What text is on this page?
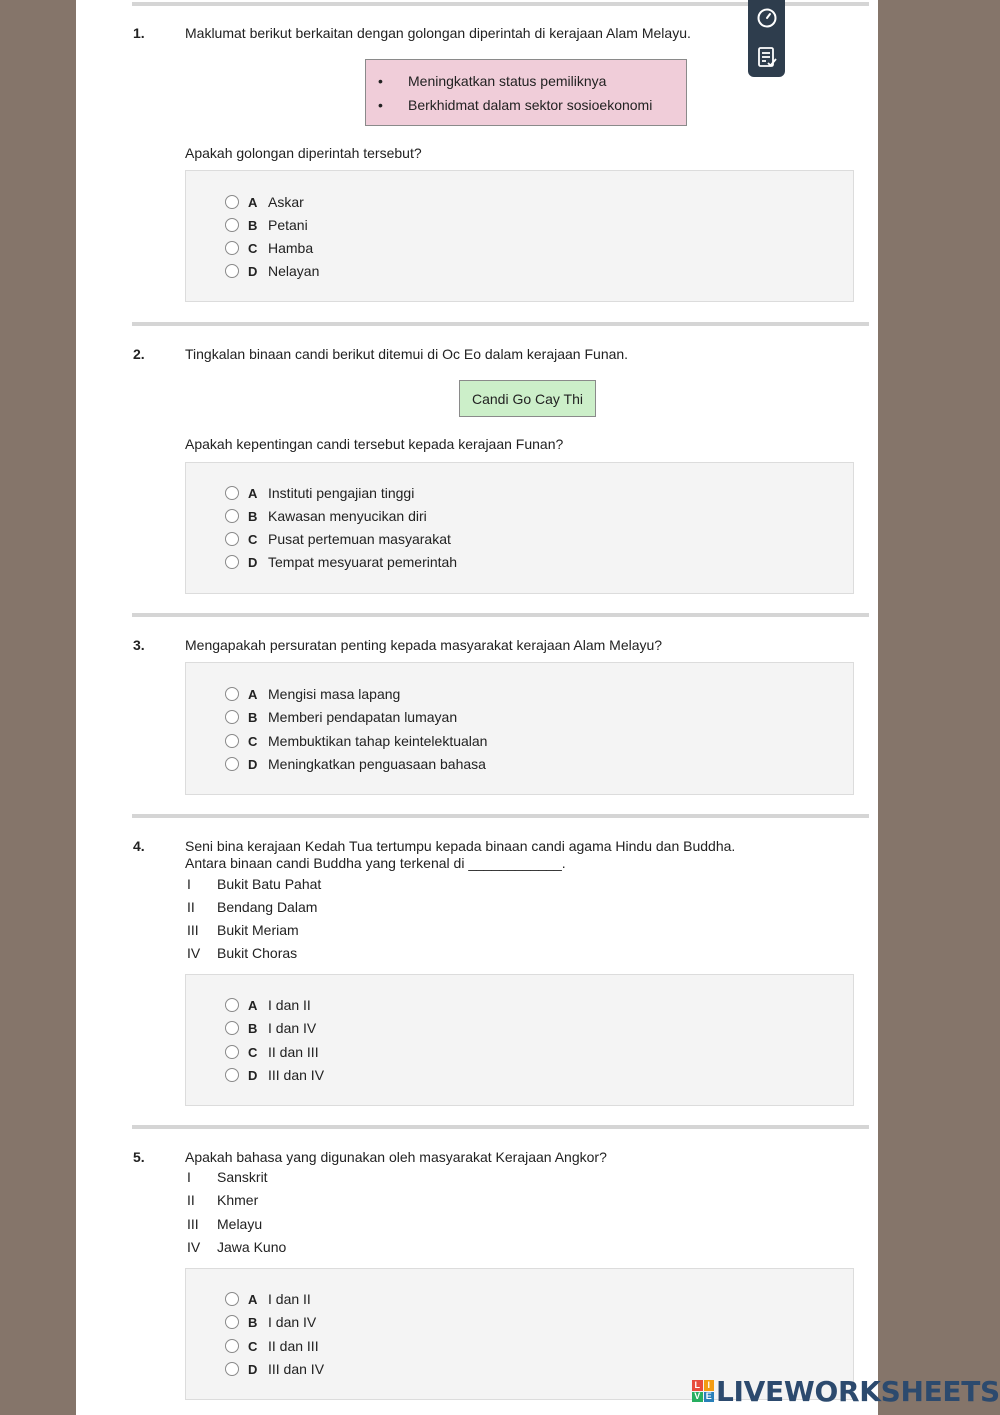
1.	Maklumat berikut berkaitan dengan golongan diperintah di kerajaan Alam Melayu.
•	Meningkatkan status pemiliknya
•	Berkhidmat dalam sektor sosioekonomi
Apakah golongan diperintah tersebut?
A Askar
B Petani
C Hamba
D Nelayan
2.	Tingkalan binaan candi berikut ditemui di Oc Eo dalam kerajaan Funan.
Candi Go Cay Thi
Apakah kepentingan candi tersebut kepada kerajaan Funan?
A Instituti pengajian tinggi
B Kawasan menyucikan diri
C Pusat pertemuan masyarakat
D Tempat mesyuarat pemerintah
3.	Mengapakah persuratan penting kepada masyarakat kerajaan Alam Melayu?
A Mengisi masa lapang
B Memberi pendapatan lumayan
C Membuktikan tahap keintelektualan
D Meningkatkan penguasaan bahasa
4.	Seni bina kerajaan Kedah Tua tertumpu kepada binaan candi agama Hindu dan Buddha.
Antara binaan candi Buddha yang terkenal di ____________.
I	Bukit Batu Pahat
II	Bendang Dalam
III	Bukit Meriam
IV	Bukit Choras
A I dan II
B I dan IV
C II dan III
D III dan IV
5.	Apakah bahasa yang digunakan oleh masyarakat Kerajaan Angkor?
I	Sanskrit
II	Khmer
III	Melayu
IV	Jawa Kuno
A I dan II
B I dan IV
C II dan III
D III dan IV
L I
V E LIVEWORKSHEETS
